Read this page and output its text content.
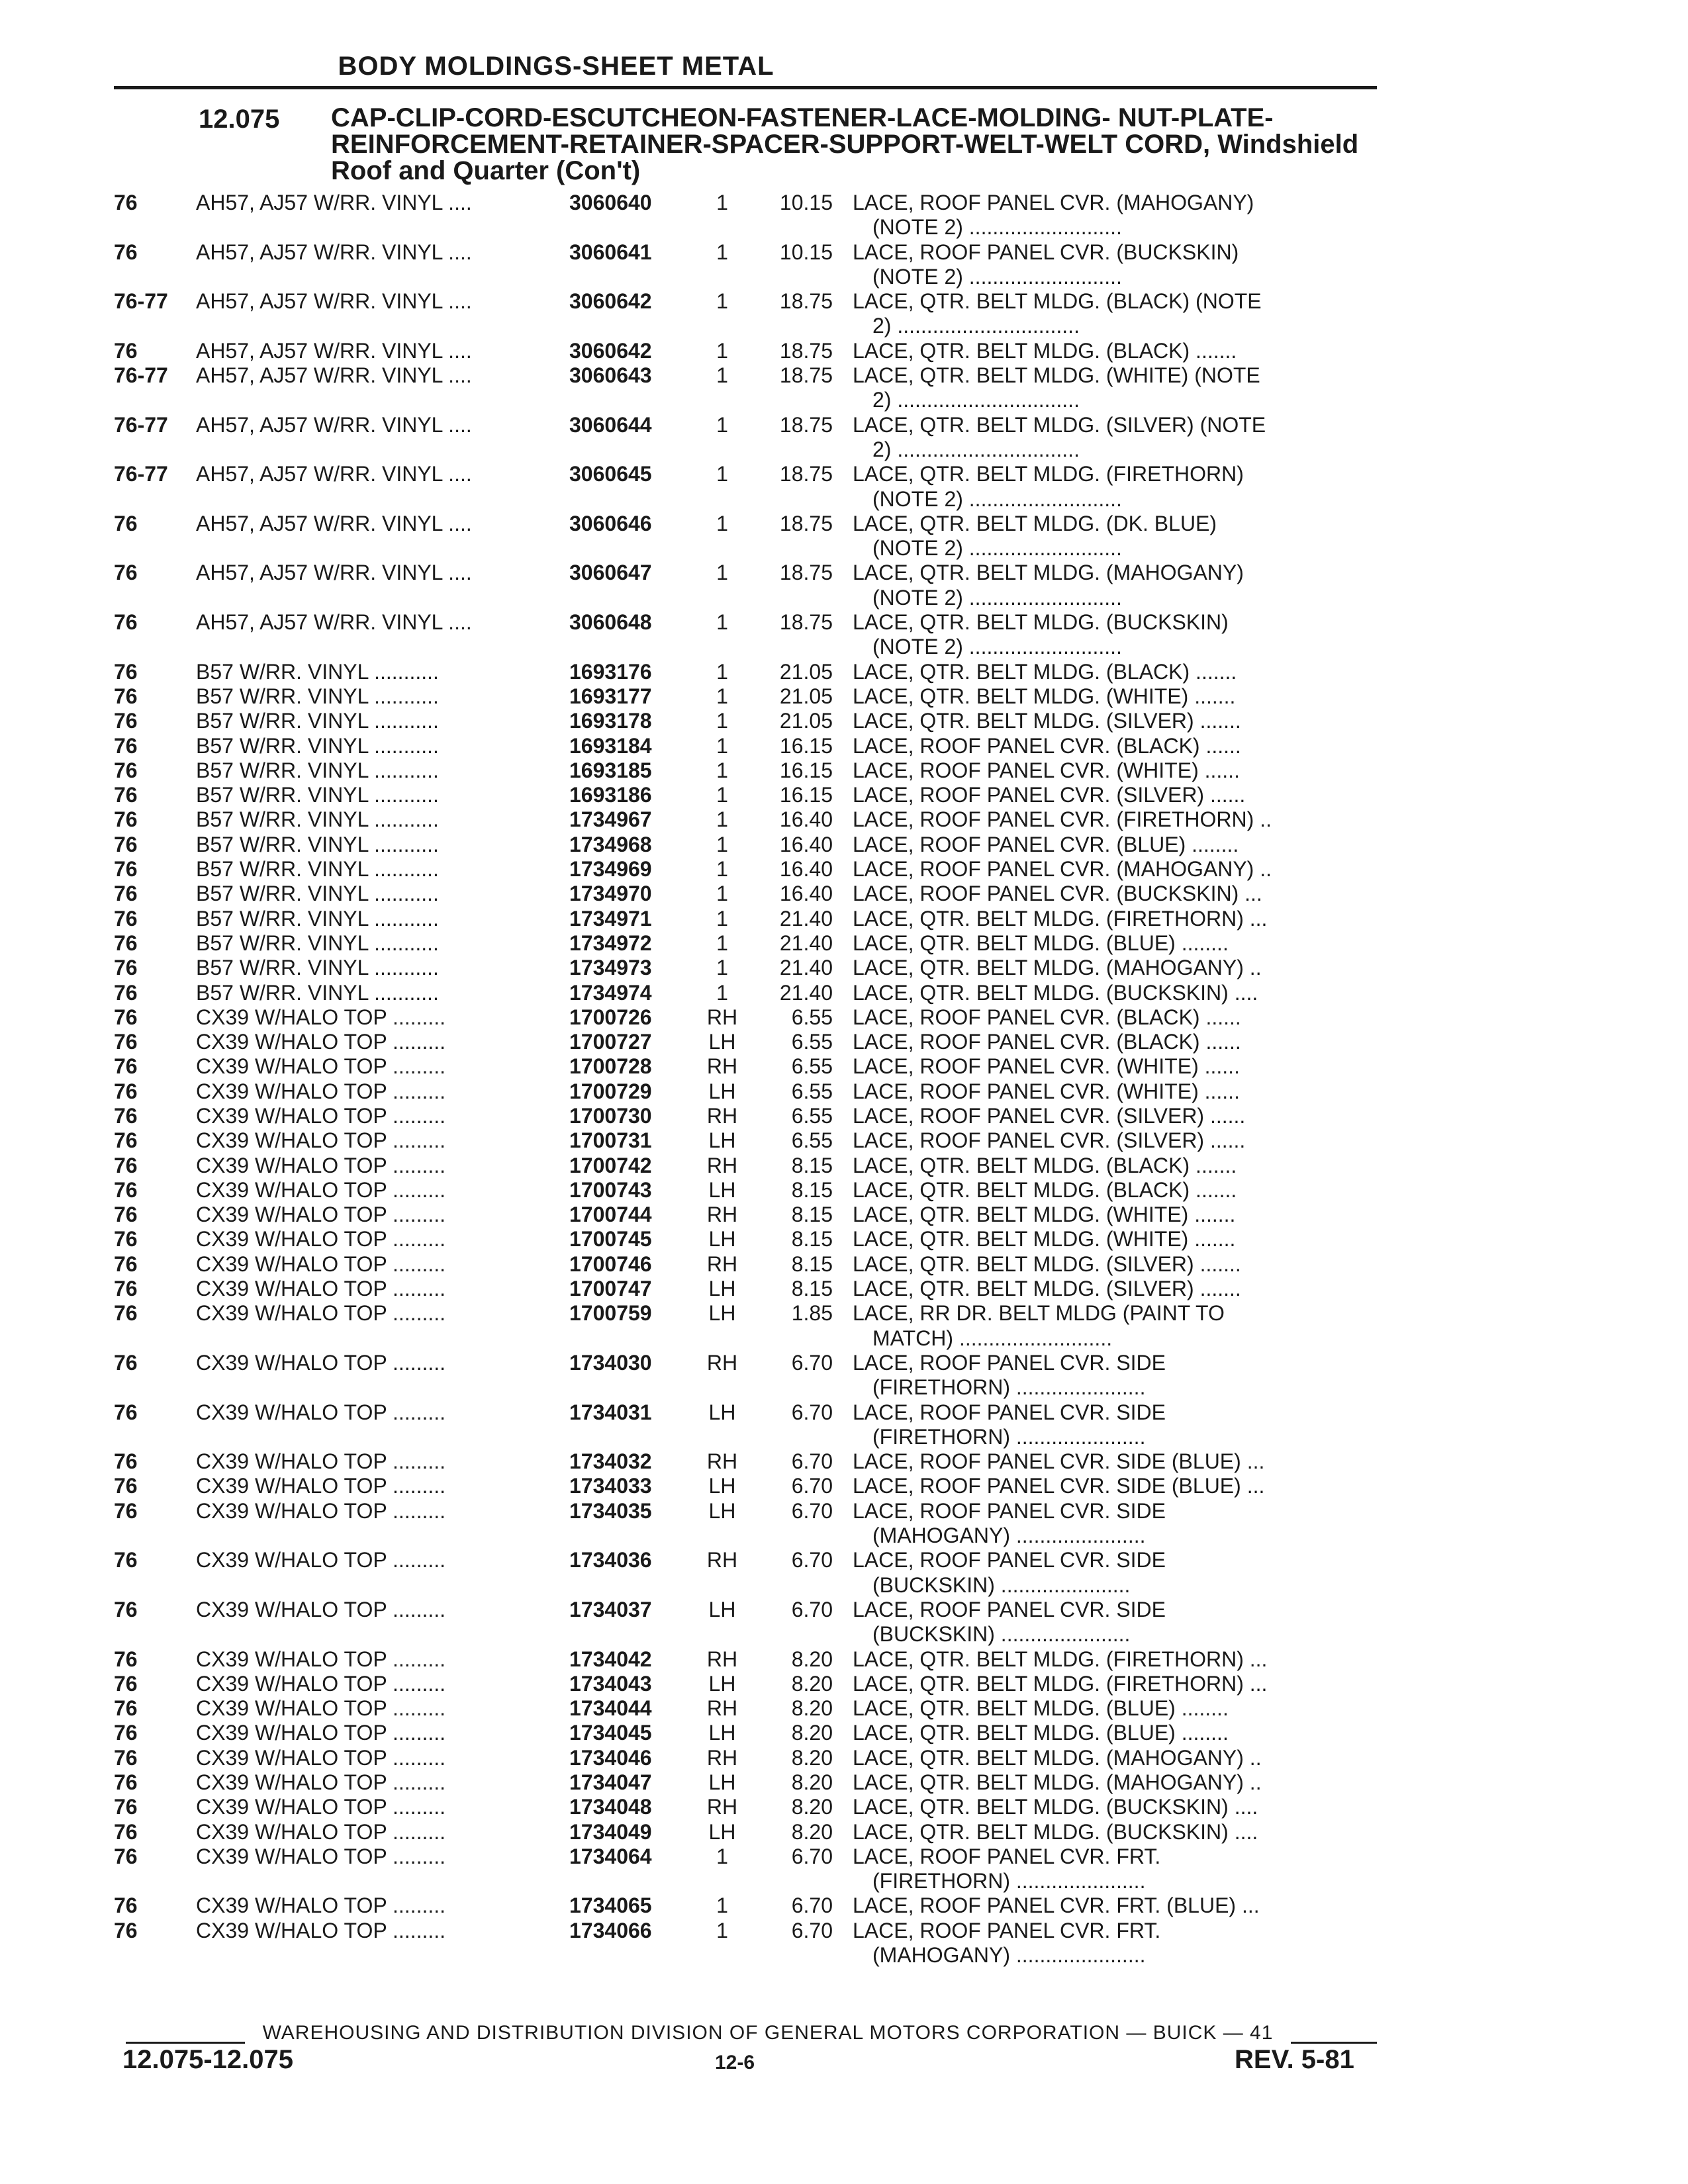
BODY MOLDINGS-SHEET METAL
12.075 CAP-CLIP-CORD-ESCUTCHEON-FASTENER-LACE-MOLDING- NUT-PLATE-REINFORCEMENT-RETAINER-SPACER-SUPPORT-WELT-WELT CORD, Windshield Roof and Quarter (Con't)
76	AH57, AJ57 W/RR. VINYL ....	3060640	1	10.15 LACE, ROOF PANEL CVR. (MAHOGANY)
(NOTE 2) ..........................
76	AH57, AJ57 W/RR. VINYL ....	3060641	1	10.15 LACE, ROOF PANEL CVR. (BUCKSKIN)
(NOTE 2) ..........................
76-77	AH57, AJ57 W/RR. VINYL ....	3060642	1	18.75 LACE, QTR. BELT MLDG. (BLACK) (NOTE
2) ...............................
76	AH57, AJ57 W/RR. VINYL ....	3060642	1	18.75 LACE, QTR. BELT MLDG. (BLACK) .......
76-77	AH57, AJ57 W/RR. VINYL ....	3060643	1	18.75 LACE, QTR. BELT MLDG. (WHITE) (NOTE
2) ...............................
76-77	AH57, AJ57 W/RR. VINYL ....	3060644	1	18.75 LACE, QTR. BELT MLDG. (SILVER) (NOTE
2) ...............................
76-77	AH57, AJ57 W/RR. VINYL ....	3060645	1	18.75 LACE, QTR. BELT MLDG. (FIRETHORN)
(NOTE 2) ..........................
76	AH57, AJ57 W/RR. VINYL ....	3060646	1	18.75 LACE, QTR. BELT MLDG. (DK. BLUE)
(NOTE 2) ..........................
76	AH57, AJ57 W/RR. VINYL ....	3060647	1	18.75 LACE, QTR. BELT MLDG. (MAHOGANY)
(NOTE 2) ..........................
76	AH57, AJ57 W/RR. VINYL ....	3060648	1	18.75 LACE, QTR. BELT MLDG. (BUCKSKIN)
(NOTE 2) ..........................
76	B57 W/RR. VINYL ...........	1693176	1	21.05 LACE, QTR. BELT MLDG. (BLACK) .......
76	B57 W/RR. VINYL ...........	1693177	1	21.05 LACE, QTR. BELT MLDG. (WHITE) .......
76	B57 W/RR. VINYL ...........	1693178	1	21.05 LACE, QTR. BELT MLDG. (SILVER) .......
76	B57 W/RR. VINYL ...........	1693184	1	16.15 LACE, ROOF PANEL CVR. (BLACK) ......
76	B57 W/RR. VINYL ...........	1693185	1	16.15 LACE, ROOF PANEL CVR. (WHITE) ......
76	B57 W/RR. VINYL ...........	1693186	1	16.15 LACE, ROOF PANEL CVR. (SILVER) ......
76	B57 W/RR. VINYL ...........	1734967	1	16.40 LACE, ROOF PANEL CVR. (FIRETHORN) ..
76	B57 W/RR. VINYL ...........	1734968	1	16.40 LACE, ROOF PANEL CVR. (BLUE) ........
76	B57 W/RR. VINYL ...........	1734969	1	16.40 LACE, ROOF PANEL CVR. (MAHOGANY) ..
76	B57 W/RR. VINYL ...........	1734970	1	16.40 LACE, ROOF PANEL CVR. (BUCKSKIN) ...
76	B57 W/RR. VINYL ...........	1734971	1	21.40 LACE, QTR. BELT MLDG. (FIRETHORN) ...
76	B57 W/RR. VINYL ...........	1734972	1	21.40 LACE, QTR. BELT MLDG. (BLUE) ........
76	B57 W/RR. VINYL ...........	1734973	1	21.40 LACE, QTR. BELT MLDG. (MAHOGANY) ..
76	B57 W/RR. VINYL ...........	1734974	1	21.40 LACE, QTR. BELT MLDG. (BUCKSKIN) ....
76	CX39 W/HALO TOP .........	1700726	RH	6.55 LACE, ROOF PANEL CVR. (BLACK) ......
76	CX39 W/HALO TOP .........	1700727	LH	6.55 LACE, ROOF PANEL CVR. (BLACK) ......
76	CX39 W/HALO TOP .........	1700728	RH	6.55 LACE, ROOF PANEL CVR. (WHITE) ......
76	CX39 W/HALO TOP .........	1700729	LH	6.55 LACE, ROOF PANEL CVR. (WHITE) ......
76	CX39 W/HALO TOP .........	1700730	RH	6.55 LACE, ROOF PANEL CVR. (SILVER) ......
76	CX39 W/HALO TOP .........	1700731	LH	6.55 LACE, ROOF PANEL CVR. (SILVER) ......
76	CX39 W/HALO TOP .........	1700742	RH	8.15 LACE, QTR. BELT MLDG. (BLACK) .......
76	CX39 W/HALO TOP .........	1700743	LH	8.15 LACE, QTR. BELT MLDG. (BLACK) .......
76	CX39 W/HALO TOP .........	1700744	RH	8.15 LACE, QTR. BELT MLDG. (WHITE) .......
76	CX39 W/HALO TOP .........	1700745	LH	8.15 LACE, QTR. BELT MLDG. (WHITE) .......
76	CX39 W/HALO TOP .........	1700746	RH	8.15 LACE, QTR. BELT MLDG. (SILVER) .......
76	CX39 W/HALO TOP .........	1700747	LH	8.15 LACE, QTR. BELT MLDG. (SILVER) .......
76	CX39 W/HALO TOP .........	1700759	LH	1.85 LACE, RR DR. BELT MLDG (PAINT TO
MATCH) ..........................
76	CX39 W/HALO TOP .........	1734030	RH	6.70 LACE, ROOF PANEL CVR. SIDE
(FIRETHORN) ......................
76	CX39 W/HALO TOP .........	1734031	LH	6.70 LACE, ROOF PANEL CVR. SIDE
(FIRETHORN) ......................
76	CX39 W/HALO TOP .........	1734032	RH	6.70 LACE, ROOF PANEL CVR. SIDE (BLUE) ...
76	CX39 W/HALO TOP .........	1734033	LH	6.70 LACE, ROOF PANEL CVR. SIDE (BLUE) ...
76	CX39 W/HALO TOP .........	1734035	LH	6.70 LACE, ROOF PANEL CVR. SIDE
(MAHOGANY) ......................
76	CX39 W/HALO TOP .........	1734036	RH	6.70 LACE, ROOF PANEL CVR. SIDE
(BUCKSKIN) ......................
76	CX39 W/HALO TOP .........	1734037	LH	6.70 LACE, ROOF PANEL CVR. SIDE
(BUCKSKIN) ......................
76	CX39 W/HALO TOP .........	1734042	RH	8.20 LACE, QTR. BELT MLDG. (FIRETHORN) ...
76	CX39 W/HALO TOP .........	1734043	LH	8.20 LACE, QTR. BELT MLDG. (FIRETHORN) ...
76	CX39 W/HALO TOP .........	1734044	RH	8.20 LACE, QTR. BELT MLDG. (BLUE) ........
76	CX39 W/HALO TOP .........	1734045	LH	8.20 LACE, QTR. BELT MLDG. (BLUE) ........
76	CX39 W/HALO TOP .........	1734046	RH	8.20 LACE, QTR. BELT MLDG. (MAHOGANY) ..
76	CX39 W/HALO TOP .........	1734047	LH	8.20 LACE, QTR. BELT MLDG. (MAHOGANY) ..
76	CX39 W/HALO TOP .........	1734048	RH	8.20 LACE, QTR. BELT MLDG. (BUCKSKIN) ....
76	CX39 W/HALO TOP .........	1734049	LH	8.20 LACE, QTR. BELT MLDG. (BUCKSKIN) ....
76	CX39 W/HALO TOP .........	1734064	1	6.70 LACE, ROOF PANEL CVR. FRT.
(FIRETHORN) ......................
76	CX39 W/HALO TOP .........	1734065	1	6.70 LACE, ROOF PANEL CVR. FRT. (BLUE) ...
76	CX39 W/HALO TOP .........	1734066	1	6.70 LACE, ROOF PANEL CVR. FRT.
(MAHOGANY) ......................
WAREHOUSING AND DISTRIBUTION DIVISION OF GENERAL MOTORS CORPORATION — BUICK — 41
12.075-12.075	12-6	REV. 5-81
